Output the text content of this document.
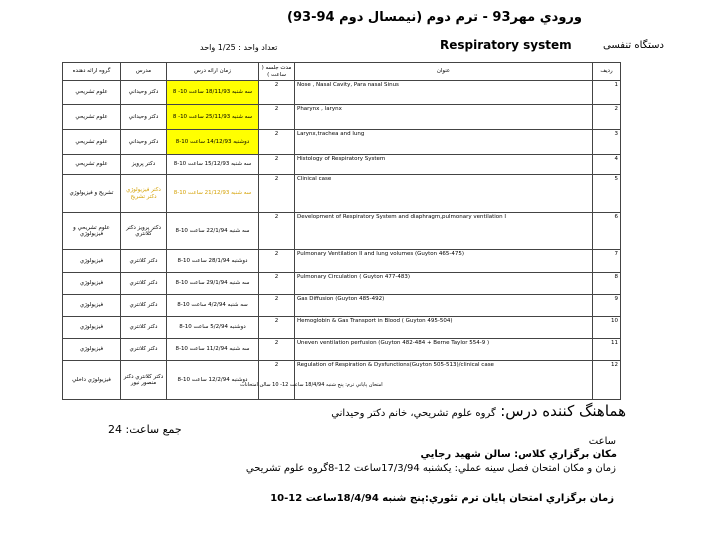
ورودي مهر93 - ترم دوم (نيمسال دوم 94-93)
دستگاه تنفسی
Respiratory system
تعداد واحد : 1/25 واحد
گروه ارائه دهنده	مدرس	زمان ارائه درس	مدت جلسه ( ساعت )	عنوان	ردیف
علوم تشريحي	دكتر وحيداني	سه شنبه 18/11/93 ساعت 10- 8	2	Nose , Nasal Cavity, Para nasal Sinus	1
علوم تشريحي	دكتر وحيداني	سه شنبه 25/11/93 ساعت 10- 8	2	Pharynx , larynx	2
علوم تشريحي	دكتر وحيداني	دوشنبه 14/12/93 ساعت 10-8	2	Larynx,trachea and lung	3
علوم تشريحي	دكتر پرويز	سه شنبه 15/12/93 ساعت 10-8	2	Histology of Respiratory System	4
تشريح و فيزيولوژي	دكتر فيزيولوژي دكتر تشريح	سه شنبه 21/12/93 ساعت 10-8	2	Clinical case	5
علوم تشريحي و فيزيولوژي	دكتر پرويز دكتر كلانتري	سه شنبه 22/1/94 ساعت 10-8	2	Development of Respiratory System and diaphragm,pulmonary ventilation I	6
فيزيولوژي	دكتر كلانتري	دوشنبه 28/1/94 ساعت 10-8	2	Pulmonary Ventilation II and lung volumes (Guyton 465-475)	7
فيزيولوژي	دكتر كلانتري	سه شنبه 29/1/94 ساعت 10-8	2	Pulmonary Circulation ( Guyton 477-483)	8
فيزيولوژي	دكتر كلانتري	سه شنبه 4/2/94 ساعت 10-8	2	Gas Diffusion (Guyton 485-492)	9
فيزيولوژي	دكتر كلانتري	دوشنبه 5/2/94 ساعت 10-8	2	Hemoglobin & Gas Transport in Blood ( Guyton 495-504)	10
فيزيولوژي	دكتر كلانتري	سه شنبه 11/2/94 ساعت 10-8	2	Uneven ventilation perfusion (Guyton 482-484 + Berne Taylor 554-9 )	11
فيزيولوژي داخلي	دكتر كلانتري دكتر منصور نيور	دوشنبه 12/2/94 ساعت 10-8	2	Regulation of Respiration & Dysfunctions(Guyton 505-513)/clinical case	12
امتحان پاياني ترم: پنج شنبه 18/4/94 ساعت 12- 10 سالن امتحانات
هماهنگ كننده درس: گروه علوم تشريحي، خانم دكتر وحيداني
جمع ساعت: 24
ساعت
مكان برگزاري كلاس: سالن شهيد رجايي
زمان و مكان امتحان فصل سينه عملي: يكشنبه 17/3/94ساعت 12-8گروه علوم تشريحي
زمان برگزاري امتحان پايان ترم تئوري:پنج شنبه 18/4/94ساعت 12-10
